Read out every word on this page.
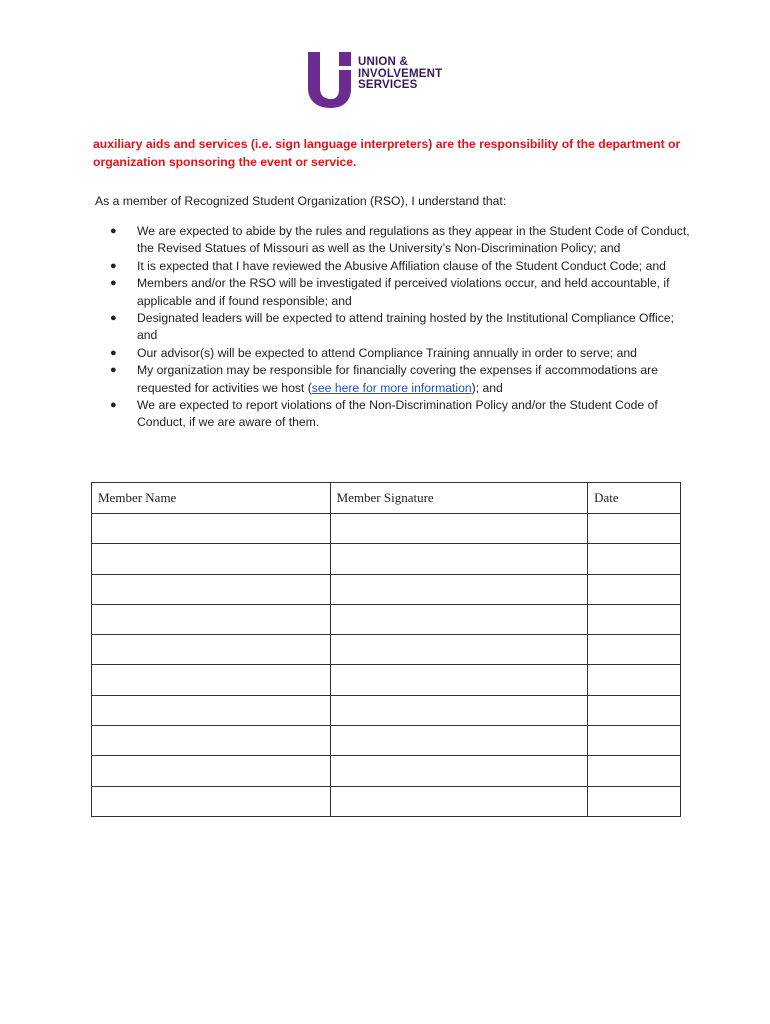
UNION &
INVOLVEMENT
SERVICES
auxiliary aids and services (i.e. sign language interpreters) are the responsibility of the department or organization sponsoring the event or service.
As a member of Recognized Student Organization (RSO), I understand that:
● We are expected to abide by the rules and regulations as they appear in the Student Code of Conduct, the Revised Statues of Missouri as well as the University’s Non-Discrimination Policy; and
● It is expected that I have reviewed the Abusive Affiliation clause of the Student Conduct Code; and
● Members and/or the RSO will be investigated if perceived violations occur, and held accountable, if applicable and if found responsible; and
● Designated leaders will be expected to attend training hosted by the Institutional Compliance Office; and
● Our advisor(s) will be expected to attend Compliance Training annually in order to serve; and
● My organization may be responsible for financially covering the expenses if accommodations are requested for activities we host (see here for more information); and
● We are expected to report violations of the Non-Discrimination Policy and/or the Student Code of Conduct, if we are aware of them.
Member Name	Member Signature	Date
